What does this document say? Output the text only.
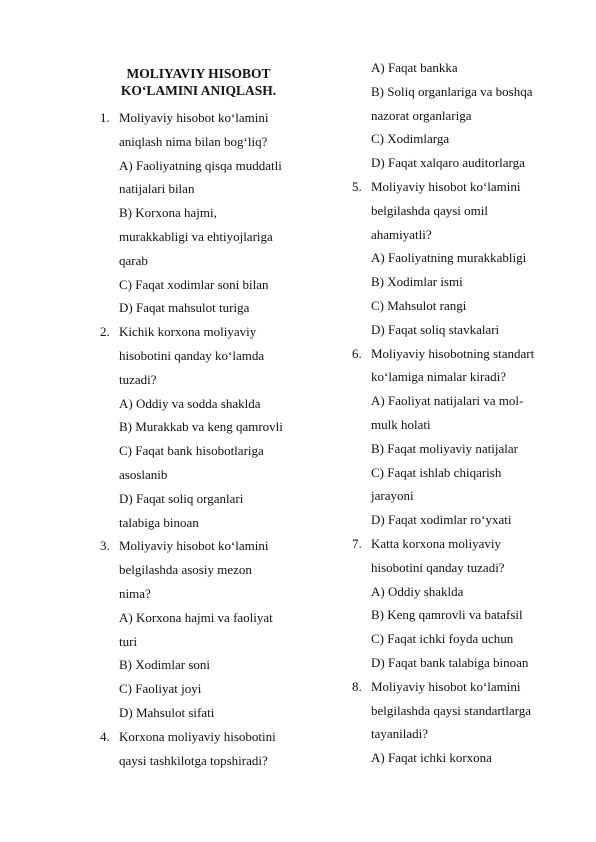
MOLIYAVIY HISOBOT
KO‘LAMINI ANIQLASH.
1. Moliyaviy hisobot ko‘lamini
aniqlash nima bilan bog‘liq?
A) Faoliyatning qisqa muddatli
natijalari bilan
B) Korxona hajmi,
murakkabligi va ehtiyojlariga
qarab
C) Faqat xodimlar soni bilan
D) Faqat mahsulot turiga
2. Kichik korxona moliyaviy
hisobotini qanday ko‘lamda
tuzadi?
A) Oddiy va sodda shaklda
B) Murakkab va keng qamrovli
C) Faqat bank hisobotlariga
asoslanib
D) Faqat soliq organlari
talabiga binoan
3. Moliyaviy hisobot ko‘lamini
belgilashda asosiy mezon
nima?
A) Korxona hajmi va faoliyat
turi
B) Xodimlar soni
C) Faoliyat joyi
D) Mahsulot sifati
4. Korxona moliyaviy hisobotini
qaysi tashkilotga topshiradi?
A) Faqat bankka
B) Soliq organlariga va boshqa
nazorat organlariga
C) Xodimlarga
D) Faqat xalqaro auditorlarga
5. Moliyaviy hisobot ko‘lamini
belgilashda qaysi omil
ahamiyatli?
A) Faoliyatning murakkabligi
B) Xodimlar ismi
C) Mahsulot rangi
D) Faqat soliq stavkalari
6. Moliyaviy hisobotning standart
ko‘lamiga nimalar kiradi?
A) Faoliyat natijalari va mol-
mulk holati
B) Faqat moliyaviy natijalar
C) Faqat ishlab chiqarish
jarayoni
D) Faqat xodimlar ro‘yxati
7. Katta korxona moliyaviy
hisobotini qanday tuzadi?
A) Oddiy shaklda
B) Keng qamrovli va batafsil
C) Faqat ichki foyda uchun
D) Faqat bank talabiga binoan
8. Moliyaviy hisobot ko‘lamini
belgilashda qaysi standartlarga
tayaniladi?
A) Faqat ichki korxona
